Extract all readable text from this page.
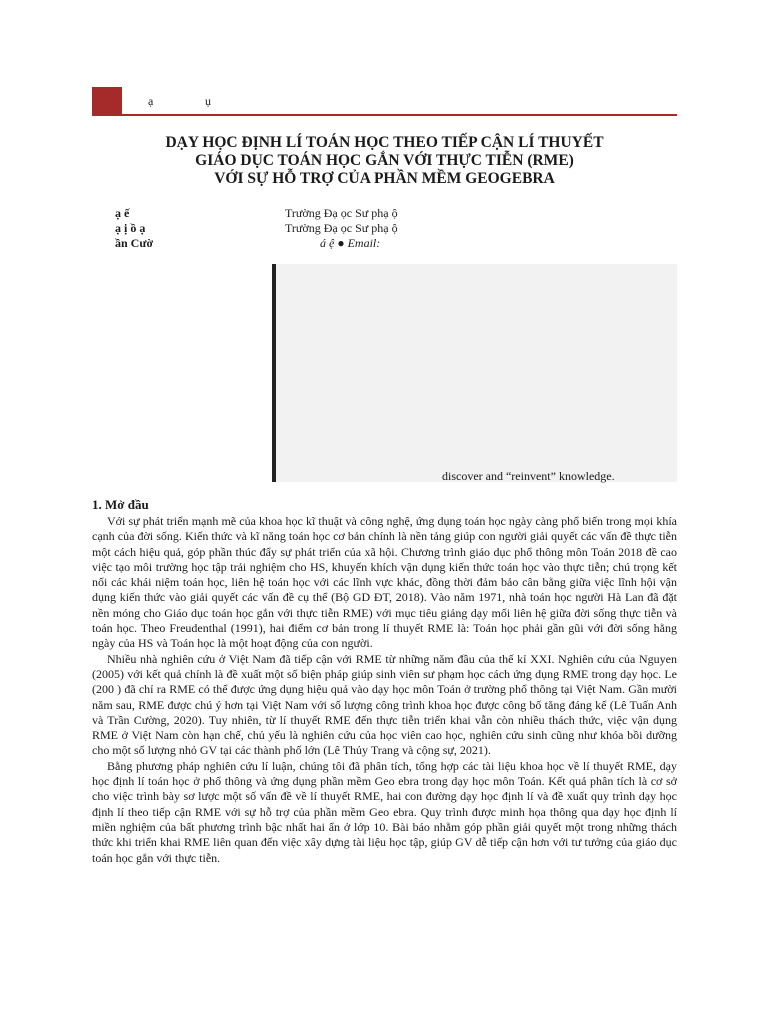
ạ	ụ
DẠY HỌC ĐỊNH LÍ TOÁN HỌC THEO TIẾP CẬN LÍ THUYẾT
GIÁO DỤC TOÁN HỌC GẮN VỚI THỰC TIỄN (RME)
VỚI SỰ HỖ TRỢ CỦA PHẦN MỀM GEOGEBRA
ạ ế	Trường Đạ ọc Sư phạ ộ
ạ ị ồ ạ	Trường Đạ ọc Sư phạ ộ
ần Cườ	á ệ ● Email:
discover and “reinvent” knowledge.
1. Mở đầu

Với sự phát triển mạnh mẽ của khoa học kĩ thuật và công nghệ, ứng dụng toán học ngày càng phổ biến trong mọi khía cạnh của đời sống. Kiến thức và kĩ năng toán học cơ bản chính là nền tảng giúp con người giải quyết các vấn đề thực tiễn một cách hiệu quả, góp phần thúc đẩy sự phát triển của xã hội. Chương trình giáo dục phổ thông môn Toán 2018 đề cao việc tạo môi trường học tập trải nghiệm cho HS, khuyến khích vận dụng kiến thức toán học vào thực tiễn; chú trọng kết nối các khái niệm toán học, liên hệ toán học với các lĩnh vực khác, đồng thời đảm bảo cân bằng giữa việc lĩnh hội vận dụng kiến thức vào giải quyết các vấn đề cụ thể (Bộ GD ĐT, 2018). Vào năm 1971, nhà toán học người Hà Lan đã đặt nền móng cho Giáo dục toán học gắn với thực tiễn RME) với mục tiêu giảng dạy mối liên hệ giữa đời sống thực tiễn và toán học. Theo Freudenthal (1991), hai điểm cơ bản trong lí thuyết RME là: Toán học phải gần gũi với đời sống hằng ngày của HS và Toán học là một hoạt động của con người.

Nhiều nhà nghiên cứu ở Việt Nam đã tiếp cận với RME từ những năm đầu của thế kỉ XXI. Nghiên cứu của Nguyen (2005) với kết quả chính là đề xuất một số biện pháp giúp sinh viên sư phạm học cách ứng dụng RME trong dạy học. Le (200 ) đã chỉ ra RME có thể được ứng dụng hiệu quả vào dạy học môn Toán ở trường phổ thông tại Việt Nam. Gần mười năm sau, RME được chú ý hơn tại Việt Nam với số lượng công trình khoa học được công bố tăng đáng kể (Lê Tuấn Anh và Trần Cường, 2020). Tuy nhiên, từ lí thuyết RME đến thực tiễn triển khai vẫn còn nhiều thách thức, việc vận dụng RME ở Việt Nam còn hạn chế, chủ yếu là nghiên cứu của học viên cao học, nghiên cứu sinh cũng như khóa bồi dưỡng cho một số lượng nhỏ GV tại các thành phố lớn (Lê Thủy Trang và cộng sự, 2021).

Bằng phương pháp nghiên cứu lí luận, chúng tôi đã phân tích, tổng hợp các tài liệu khoa học về lí thuyết RME, dạy học định lí toán học ở phổ thông và ứng dụng phần mềm Geo ebra trong dạy học môn Toán. Kết quả phân tích là cơ sở cho việc trình bày sơ lược một số vấn đề về lí thuyết RME, hai con đường dạy học định lí và đề xuất quy trình dạy học định lí theo tiếp cận RME với sự hỗ trợ của phần mềm Geo ebra. Quy trình được minh họa thông qua dạy học định lí miền nghiệm của bất phương trình bậc nhất hai ẩn ở lớp 10. Bài báo nhằm góp phần giải quyết một trong những thách thức khi triển khai RME liên quan đến việc xây dựng tài liệu học tập, giúp GV dễ tiếp cận hơn với tư tưởng của giáo dục toán học gắn với thực tiễn.
